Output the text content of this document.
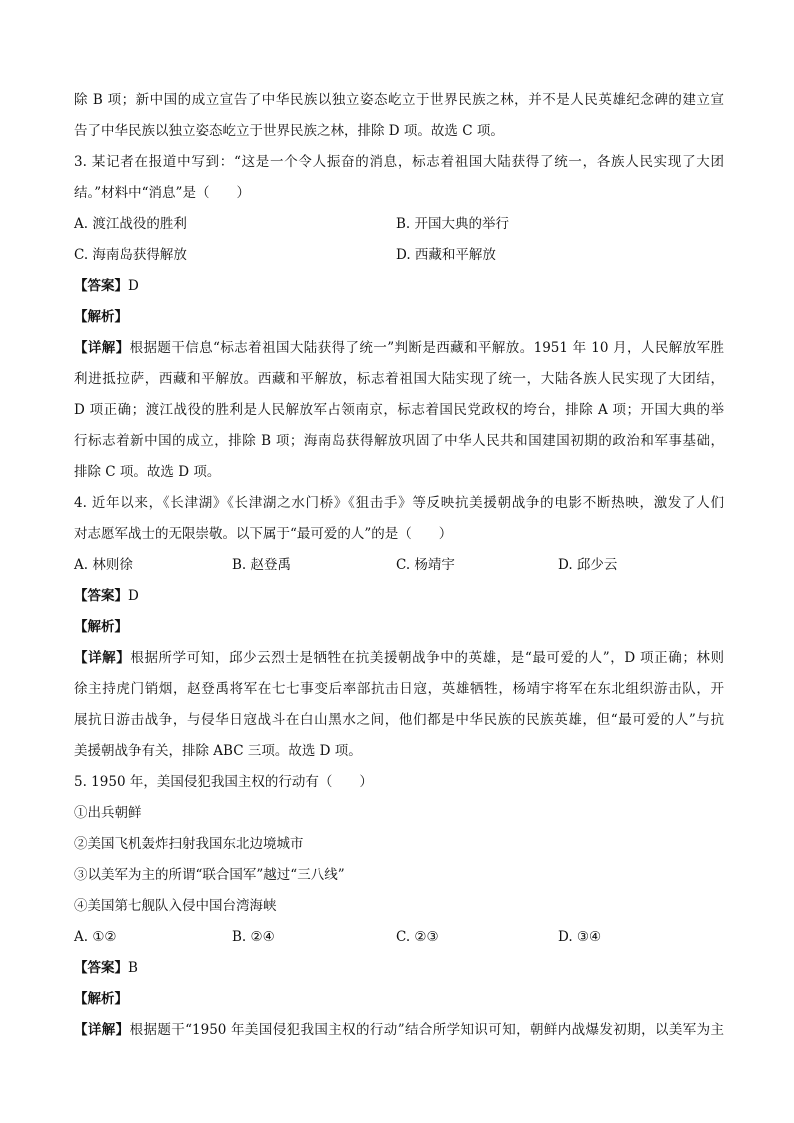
除 B 项；新中国的成立宣告了中华民族以独立姿态屹立于世界民族之林，并不是人民英雄纪念碑的建立宣
告了中华民族以独立姿态屹立于世界民族之林，排除 D 项。故选 C 项。
3. 某记者在报道中写到：“这是一个令人振奋的消息，标志着祖国大陆获得了统一，各族人民实现了大团
结。”材料中“消息”是（　　）
A. 渡江战役的胜利	B. 开国大典的举行
C. 海南岛获得解放	D. 西藏和平解放
【答案】D
【解析】
【详解】根据题干信息“标志着祖国大陆获得了统一”判断是西藏和平解放。1951 年 10 月，人民解放军胜
利进抵拉萨，西藏和平解放。西藏和平解放，标志着祖国大陆实现了统一，大陆各族人民实现了大团结，
D 项正确；渡江战役的胜利是人民解放军占领南京，标志着国民党政权的垮台，排除 A 项；开国大典的举
行标志着新中国的成立，排除 B 项；海南岛获得解放巩固了中华人民共和国建国初期的政治和军事基础，
排除 C 项。故选 D 项。
4. 近年以来，《长津湖》《长津湖之水门桥》《狙击手》等反映抗美援朝战争的电影不断热映，激发了人们
对志愿军战士的无限崇敬。以下属于“最可爱的人”的是（　　）
A. 林则徐	B. 赵登禹	C. 杨靖宇	D. 邱少云
【答案】D
【解析】
【详解】根据所学可知，邱少云烈士是牺牲在抗美援朝战争中的英雄，是“最可爱的人”，D 项正确；林则
徐主持虎门销烟，赵登禹将军在七七事变后率部抗击日寇，英雄牺牲，杨靖宇将军在东北组织游击队，开
展抗日游击战争，与侵华日寇战斗在白山黑水之间，他们都是中华民族的民族英雄，但“最可爱的人”与抗
美援朝战争有关，排除 ABC 三项。故选 D 项。
5. 1950 年，美国侵犯我国主权的行动有（　　）
①出兵朝鲜
②美国飞机轰炸扫射我国东北边境城市
③以美军为主的所谓“联合国军”越过“三八线”
④美国第七舰队入侵中国台湾海峡
A. ①②	B. ②④	C. ②③	D. ③④
【答案】B
【解析】
【详解】根据题干“1950 年美国侵犯我国主权的行动”结合所学知识可知，朝鲜内战爆发初期，以美军为主
